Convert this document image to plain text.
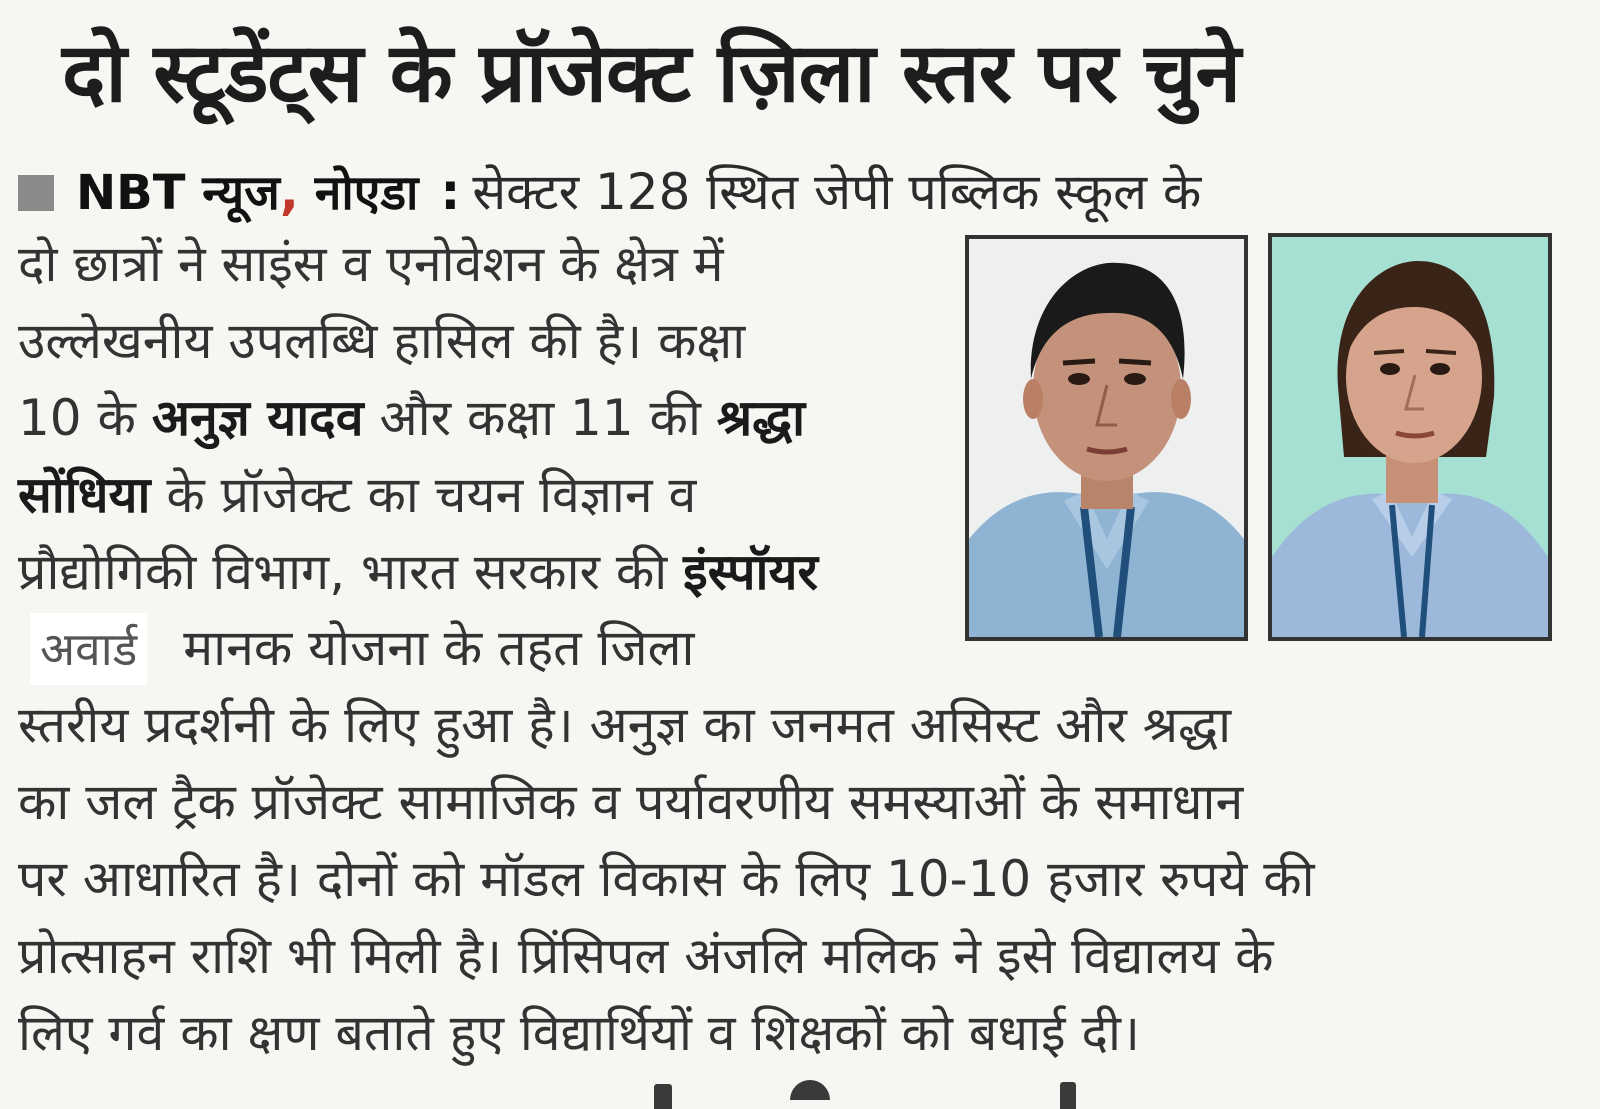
दो स्टूडेंट्स के प्रॉजेक्ट ज़िला स्तर पर चुने
NBT न्यूज, नोएडा : सेक्टर 128 स्थित जेपी पब्लिक स्कूल के
दो छात्रों ने साइंस व एनोवेशन के क्षेत्र में
उल्लेखनीय उपलब्धि हासिल की है। कक्षा
10 के अनुज्ञ यादव और कक्षा 11 की श्रद्धा
सोंधिया के प्रॉजेक्ट का चयन विज्ञान व
प्रौद्योगिकी विभाग, भारत सरकार की इंस्पॉयर
अवार्ड मानक योजना के तहत जिला
स्तरीय प्रदर्शनी के लिए हुआ है। अनुज्ञ का जनमत असिस्ट और श्रद्धा
का जल ट्रैक प्रॉजेक्ट सामाजिक व पर्यावरणीय समस्याओं के समाधान
पर आधारित है। दोनों को मॉडल विकास के लिए 10-10 हजार रुपये की
प्रोत्साहन राशि भी मिली है। प्रिंसिपल अंजलि मलिक ने इसे विद्यालय के
लिए गर्व का क्षण बताते हुए विद्यार्थियों व शिक्षकों को बधाई दी।
